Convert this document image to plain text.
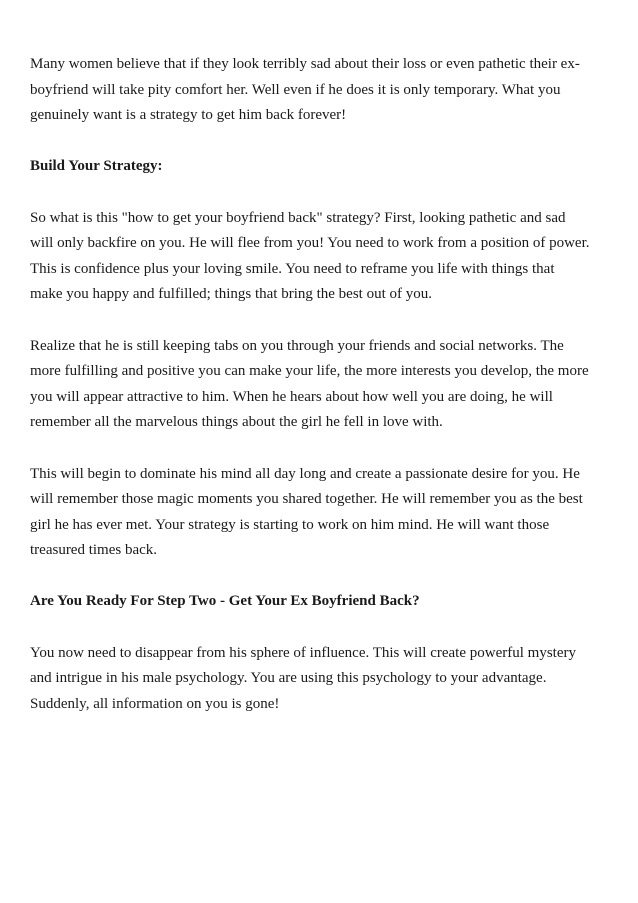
Many women believe that if they look terribly sad about their loss or even pathetic their ex-boyfriend will take pity comfort her. Well even if he does it is only temporary. What you genuinely want is a strategy to get him back forever!

Build Your Strategy:

So what is this "how to get your boyfriend back" strategy? First, looking pathetic and sad will only backfire on you. He will flee from you! You need to work from a position of power. This is confidence plus your loving smile. You need to reframe you life with things that make you happy and fulfilled; things that bring the best out of you.

Realize that he is still keeping tabs on you through your friends and social networks. The more fulfilling and positive you can make your life, the more interests you develop, the more you will appear attractive to him. When he hears about how well you are doing, he will remember all the marvelous things about the girl he fell in love with.

This will begin to dominate his mind all day long and create a passionate desire for you. He will remember those magic moments you shared together. He will remember you as the best girl he has ever met. Your strategy is starting to work on him mind. He will want those treasured times back.

Are You Ready For Step Two - Get Your Ex Boyfriend Back?

You now need to disappear from his sphere of influence. This will create powerful mystery and intrigue in his male psychology. You are using this psychology to your advantage. Suddenly, all information on you is gone!
